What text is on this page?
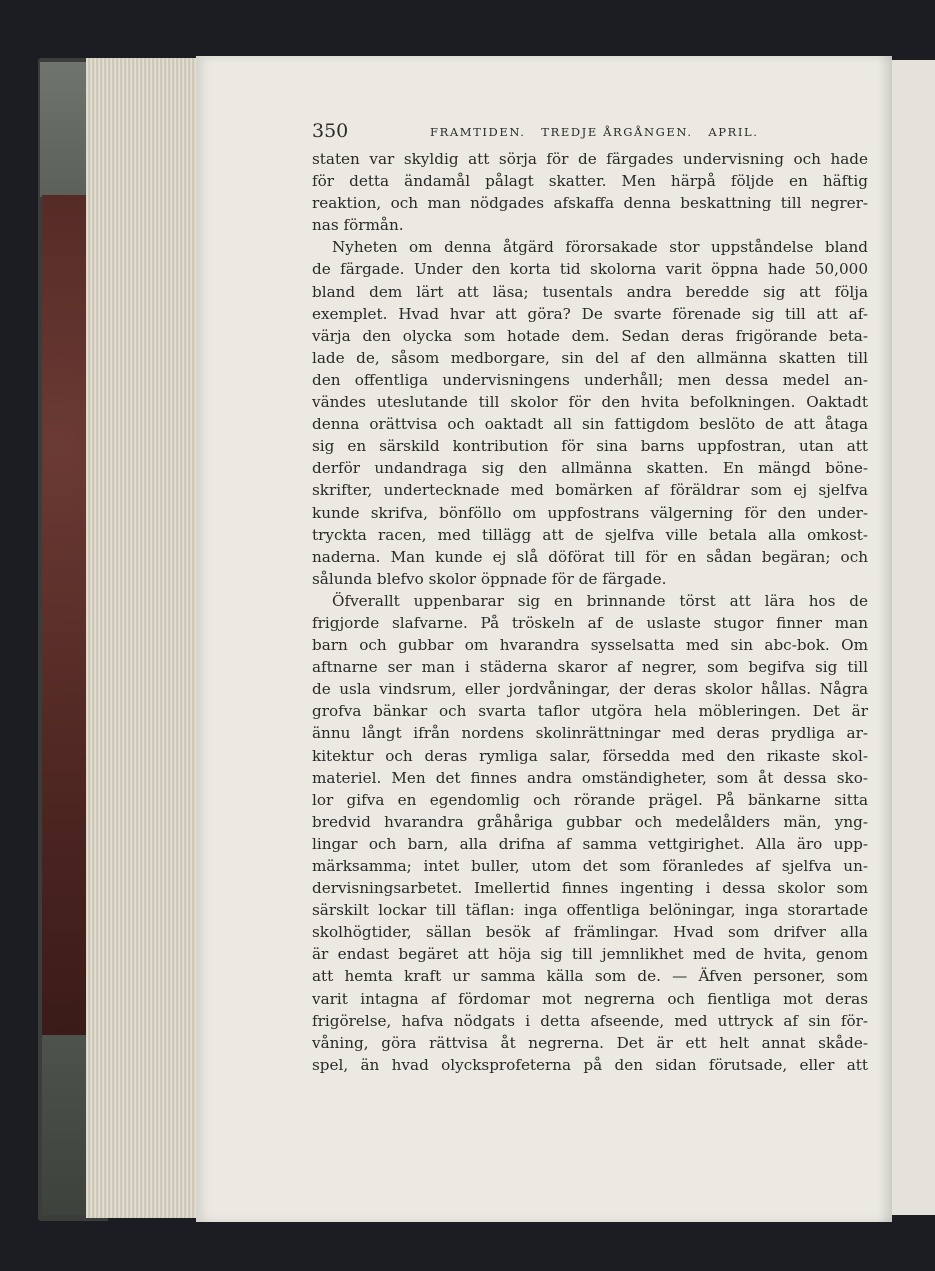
350	FRAMTIDEN.   TREDJE ÅRGÅNGEN.   APRIL.
staten var skyldig att sörja för de färgades undervisning och hade
för detta ändamål pålagt skatter. Men härpå följde en häftig
reaktion, och man nödgades afskaffa denna beskattning till negrer-
nas förmån.
Nyheten om denna åtgärd förorsakade stor uppståndelse bland
de färgade. Under den korta tid skolorna varit öppna hade 50,000
bland dem lärt att läsa; tusentals andra beredde sig att följa
exemplet. Hvad hvar att göra? De svarte förenade sig till att af-
värja den olycka som hotade dem. Sedan deras frigörande beta-
lade de, såsom medborgare, sin del af den allmänna skatten till
den offentliga undervisningens underhåll; men dessa medel an-
vändes uteslutande till skolor för den hvita befolkningen. Oaktadt
denna orättvisa och oaktadt all sin fattigdom beslöto de att åtaga
sig en särskild kontribution för sina barns uppfostran, utan att
derför undandraga sig den allmänna skatten. En mängd böne-
skrifter, undertecknade med bomärken af föräldrar som ej sjelfva
kunde skrifva, bönföllo om uppfostrans välgerning för den under-
tryckta racen, med tillägg att de sjelfva ville betala alla omkost-
naderna. Man kunde ej slå döförat till för en sådan begäran; och
sålunda blefvo skolor öppnade för de färgade.
Öfverallt uppenbarar sig en brinnande törst att lära hos de
frigjorde slafvarne. På tröskeln af de uslaste stugor finner man
barn och gubbar om hvarandra sysselsatta med sin abc-bok. Om
aftnarne ser man i städerna skaror af negrer, som begifva sig till
de usla vindsrum, eller jordvåningar, der deras skolor hållas. Några
grofva bänkar och svarta taflor utgöra hela möbleringen. Det är
ännu långt ifrån nordens skolinrättningar med deras prydliga ar-
kitektur och deras rymliga salar, försedda med den rikaste skol-
materiel. Men det finnes andra omständigheter, som åt dessa sko-
lor gifva en egendomlig och rörande prägel. På bänkarne sitta
bredvid hvarandra gråhåriga gubbar och medelålders män, yng-
lingar och barn, alla drifna af samma vettgirighet. Alla äro upp-
märksamma; intet buller, utom det som föranledes af sjelfva un-
dervisningsarbetet. Imellertid finnes ingenting i dessa skolor som
särskilt lockar till täflan: inga offentliga belöningar, inga storartade
skolhögtider, sällan besök af främlingar. Hvad som drifver alla
är endast begäret att höja sig till jemnlikhet med de hvita, genom
att hemta kraft ur samma källa som de. — Äfven personer, som
varit intagna af fördomar mot negrerna och fientliga mot deras
frigörelse, hafva nödgats i detta afseende, med uttryck af sin för-
våning, göra rättvisa åt negrerna. Det är ett helt annat skåde-
spel, än hvad olycksprofeterna på den sidan förutsade, eller att
